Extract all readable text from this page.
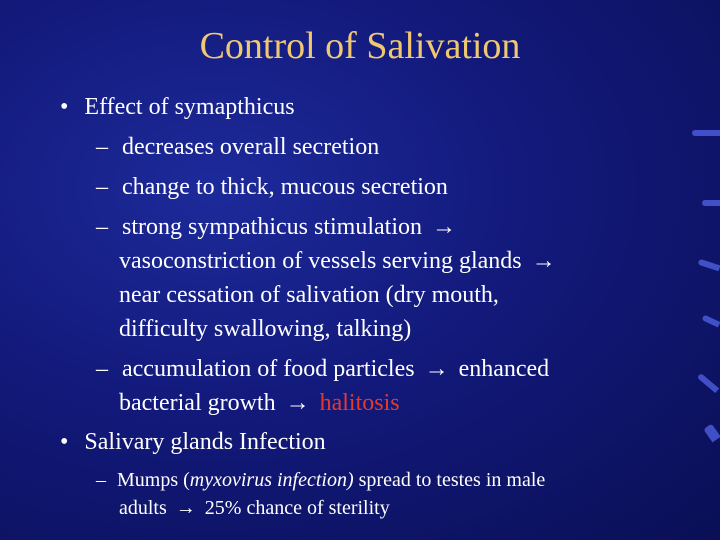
Control of Salivation
• Effect of symapthicus
– decreases overall secretion
– change to thick, mucous secretion
– strong sympathicus stimulation →
vasoconstriction of vessels serving glands →
near cessation of salivation (dry mouth,
difficulty swallowing, talking)
– accumulation of food particles → enhanced
bacterial growth → halitosis
• Salivary glands Infection
– Mumps (myxovirus infection) spread to testes in male
adults → 25% chance of sterility
